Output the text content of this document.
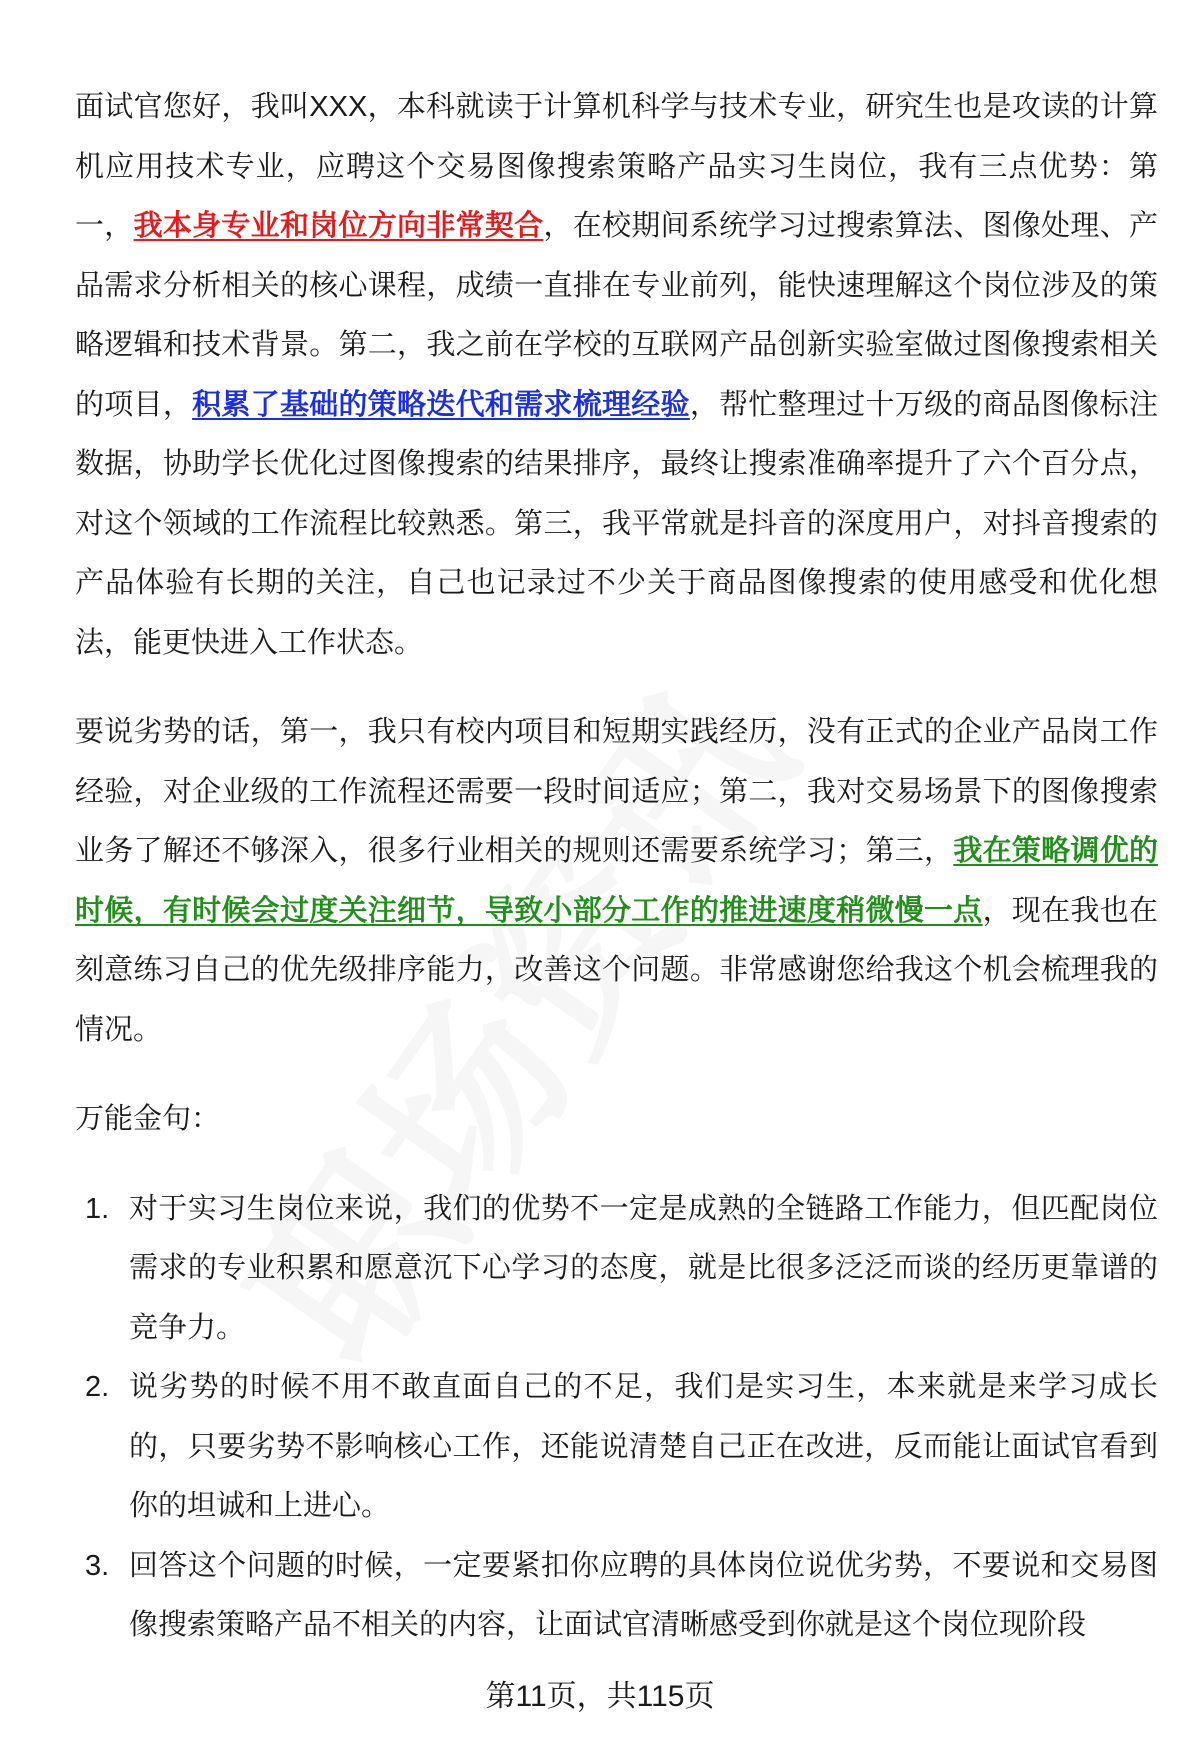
面试官您好，我叫XXX，本科就读于计算机科学与技术专业，研究生也是攻读的计算机应用技术专业，应聘这个交易图像搜索策略产品实习生岗位，我有三点优势：第一，我本身专业和岗位方向非常契合，在校期间系统学习过搜索算法、图像处理、产品需求分析相关的核心课程，成绩一直排在专业前列，能快速理解这个岗位涉及的策略逻辑和技术背景。第二，我之前在学校的互联网产品创新实验室做过图像搜索相关的项目，积累了基础的策略迭代和需求梳理经验，帮忙整理过十万级的商品图像标注数据，协助学长优化过图像搜索的结果排序，最终让搜索准确率提升了六个百分点，对这个领域的工作流程比较熟悉。第三，我平常就是抖音的深度用户，对抖音搜索的产品体验有长期的关注，自己也记录过不少关于商品图像搜索的使用感受和优化想法，能更快进入工作状态。

要说劣势的话，第一，我只有校内项目和短期实践经历，没有正式的企业产品岗工作经验，对企业级的工作流程还需要一段时间适应；第二，我对交易场景下的图像搜索业务了解还不够深入，很多行业相关的规则还需要系统学习；第三，我在策略调优的时候，有时候会过度关注细节，导致小部分工作的推进速度稍微慢一点，现在我也在刻意练习自己的优先级排序能力，改善这个问题。非常感谢您给我这个机会梳理我的情况。

万能金句：

1. 对于实习生岗位来说，我们的优势不一定是成熟的全链路工作能力，但匹配岗位需求的专业积累和愿意沉下心学习的态度，就是比很多泛泛而谈的经历更靠谱的竞争力。
2. 说劣势的时候不用不敢直面自己的不足，我们是实习生，本来就是来学习成长的，只要劣势不影响核心工作，还能说清楚自己正在改进，反而能让面试官看到你的坦诚和上进心。
3. 回答这个问题的时候，一定要紧扣你应聘的具体岗位说优劣势，不要说和交易图像搜索策略产品不相关的内容，让面试官清晰感受到你就是这个岗位现阶段
第11页，共115页
